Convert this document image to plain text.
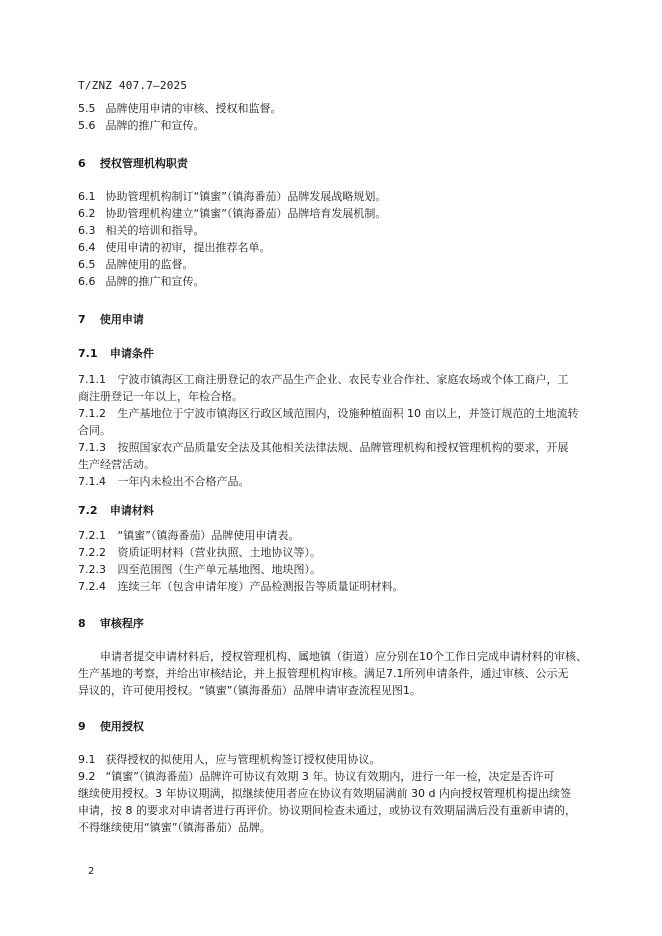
T/ZNZ 407.7—2025
5.5 品牌使用申请的审核、授权和监督。
5.6 品牌的推广和宣传。
6 授权管理机构职责
6.1 协助管理机构制订“镇蜜”（镇海番茄）品牌发展战略规划。
6.2 协助管理机构建立“镇蜜”（镇海番茄）品牌培育发展机制。
6.3 相关的培训和指导。
6.4 使用申请的初审，提出推荐名单。
6.5 品牌使用的监督。
6.6 品牌的推广和宣传。
7 使用申请
7.1 申请条件
7.1.1 宁波市镇海区工商注册登记的农产品生产企业、农民专业合作社、家庭农场或个体工商户，工
商注册登记一年以上，年检合格。
7.1.2 生产基地位于宁波市镇海区行政区域范围内，设施种植面积 10 亩以上，并签订规范的土地流转
合同。
7.1.3 按照国家农产品质量安全法及其他相关法律法规、品牌管理机构和授权管理机构的要求，开展
生产经营活动。
7.1.4 一年内未检出不合格产品。
7.2 申请材料
7.2.1 “镇蜜”（镇海番茄）品牌使用申请表。
7.2.2 资质证明材料（营业执照、土地协议等）。
7.2.3 四至范围图（生产单元基地图、地块图）。
7.2.4 连续三年（包含申请年度）产品检测报告等质量证明材料。
8 审核程序
申请者提交申请材料后，授权管理机构、属地镇（街道）应分别在10个工作日完成申请材料的审核、
生产基地的考察，并给出审核结论，并上报管理机构审核。满足7.1所列申请条件，通过审核、公示无
异议的，许可使用授权。“镇蜜”（镇海番茄）品牌申请审查流程见图1。
9 使用授权
9.1 获得授权的拟使用人，应与管理机构签订授权使用协议。
9.2 “镇蜜”（镇海番茄）品牌许可协议有效期 3 年。协议有效期内，进行一年一检，决定是否许可
继续使用授权。3 年协议期满，拟继续使用者应在协议有效期届满前 30 d 内向授权管理机构提出续签
申请，按 8 的要求对申请者进行再评价。协议期间检查未通过，或协议有效期届满后没有重新申请的，
不得继续使用“镇蜜”（镇海番茄）品牌。
2
